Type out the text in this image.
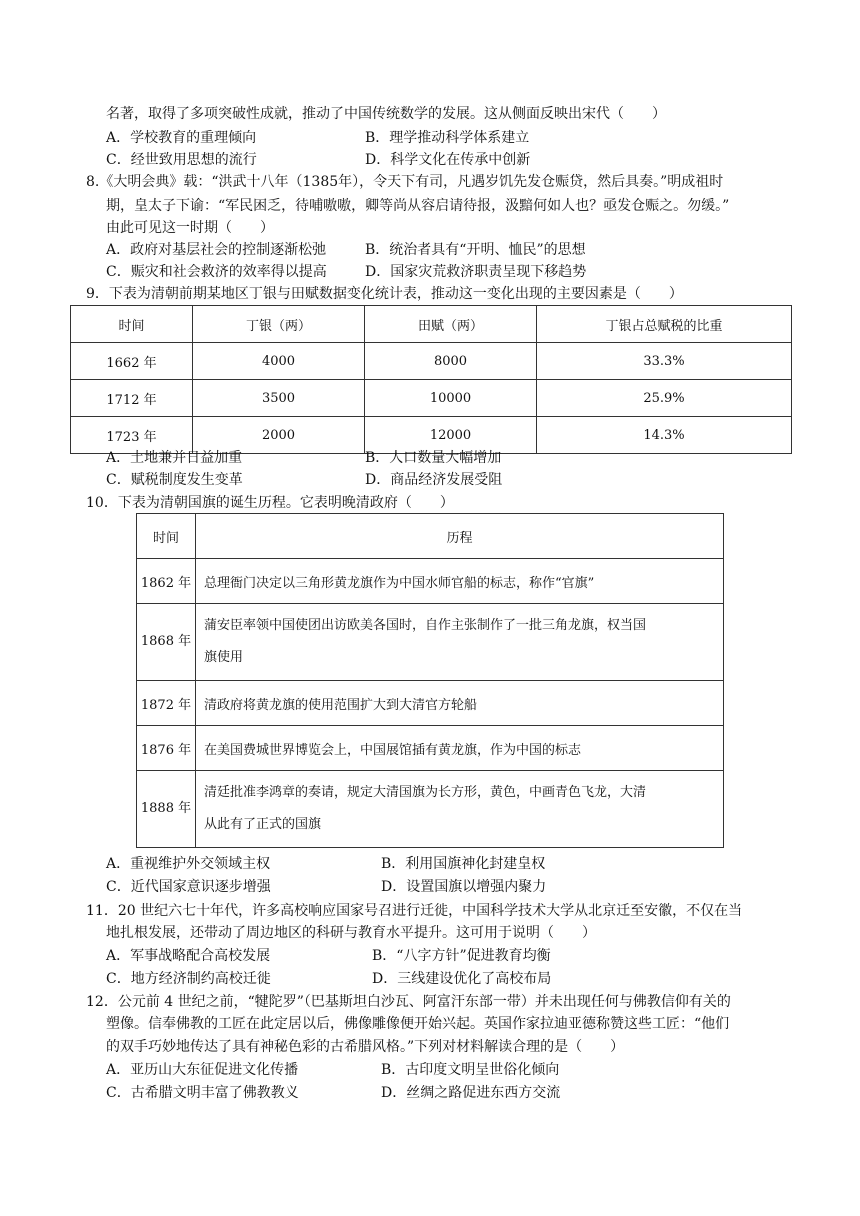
名著，取得了多项突破性成就，推动了中国传统数学的发展。这从侧面反映出宋代（　　）
A．学校教育的重理倾向	B．理学推动科学体系建立
C．经世致用思想的流行	D．科学文化在传承中创新
8.《大明会典》载：“洪武十八年（1385年），令天下有司，凡遇岁饥先发仓赈贷，然后具奏。”明成祖时
期，皇太子下谕：“军民困乏，待哺嗷嗷，卿等尚从容启请待报，汲黯何如人也？亟发仓赈之。勿缓。”
由此可见这一时期（　　）
A．政府对基层社会的控制逐渐松弛	B．统治者具有“开明、恤民”的思想
C．赈灾和社会救济的效率得以提高	D．国家灾荒救济职责呈现下移趋势
9．下表为清朝前期某地区丁银与田赋数据变化统计表，推动这一变化出现的主要因素是（　　）
时间	丁银（两）	田赋（两）	丁银占总赋税的比重
1662 年	4000	8000	33.3%
1712 年	3500	10000	25.9%
1723 年	2000	12000	14.3%
A．土地兼并日益加重	B．人口数量大幅增加
C．赋税制度发生变革	D．商品经济发展受阻
10．下表为清朝国旗的诞生历程。它表明晚清政府（　　）
时间	历程
1862 年	总理衙门决定以三角形黄龙旗作为中国水师官船的标志，称作“官旗”
1868 年	蒲安臣率领中国使团出访欧美各国时，自作主张制作了一批三角龙旗，权当国
旗使用

1872 年	清政府将黄龙旗的使用范围扩大到大清官方轮船
1876 年	在美国费城世界博览会上，中国展馆插有黄龙旗，作为中国的标志
1888 年	清廷批准李鸿章的奏请，规定大清国旗为长方形，黄色，中画青色飞龙，大清
从此有了正式的国旗
A．重视维护外交领域主权	B．利用国旗神化封建皇权
C．近代国家意识逐步增强	D．设置国旗以增强内聚力
11．20 世纪六七十年代，许多高校响应国家号召进行迁徙，中国科学技术大学从北京迁至安徽，不仅在当
地扎根发展，还带动了周边地区的科研与教育水平提升。这可用于说明（　　）
A．军事战略配合高校发展	B．“八字方针”促进教育均衡
C．地方经济制约高校迁徙	D．三线建设优化了高校布局
12．公元前 4 世纪之前，“犍陀罗”（巴基斯坦白沙瓦、阿富汗东部一带）并未出现任何与佛教信仰有关的
塑像。信奉佛教的工匠在此定居以后，佛像雕像便开始兴起。英国作家拉迪亚德称赞这些工匠：“他们
的双手巧妙地传达了具有神秘色彩的古希腊风格。”下列对材料解读合理的是（　　）
A．亚历山大东征促进文化传播	B．古印度文明呈世俗化倾向
C．古希腊文明丰富了佛教教义	D．丝绸之路促进东西方交流
